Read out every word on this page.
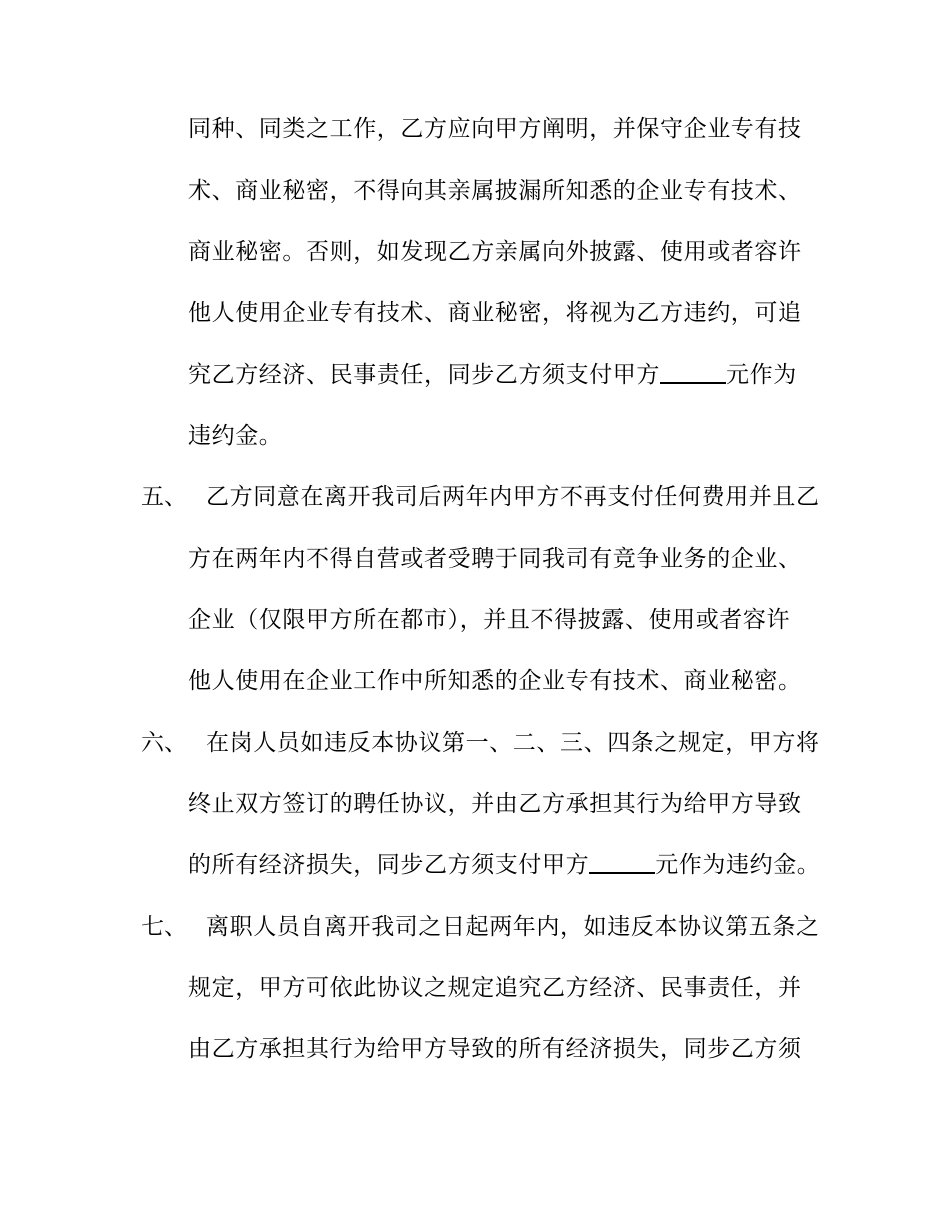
同种、同类之工作，乙方应向甲方阐明，并保守企业专有技
术、商业秘密，不得向其亲属披漏所知悉的企业专有技术、
商业秘密。否则，如发现乙方亲属向外披露、使用或者容许
他人使用企业专有技术、商业秘密，将视为乙方违约，可追
究乙方经济、民事责任，同步乙方须支付甲方	元作为
违约金。
五、 乙方同意在离开我司后两年内甲方不再支付任何费用并且乙
方在两年内不得自营或者受聘于同我司有竞争业务的企业、
企业（仅限甲方所在都市），并且不得披露、使用或者容许
他人使用在企业工作中所知悉的企业专有技术、商业秘密。
六、 在岗人员如违反本协议第一、二、三、四条之规定，甲方将
终止双方签订的聘任协议，并由乙方承担其行为给甲方导致
的所有经济损失，同步乙方须支付甲方	元作为违约金。
七、 离职人员自离开我司之日起两年内，如违反本协议第五条之
规定，甲方可依此协议之规定追究乙方经济、民事责任，并
由乙方承担其行为给甲方导致的所有经济损失，同步乙方须
